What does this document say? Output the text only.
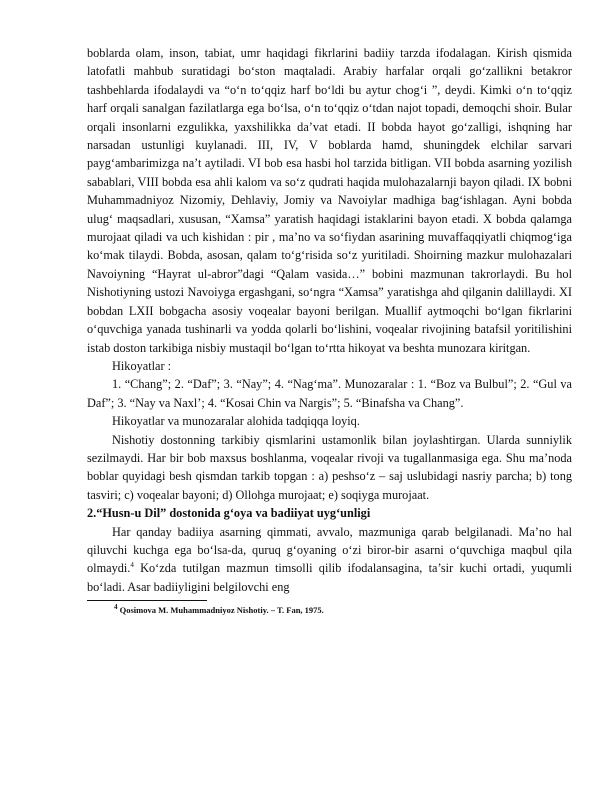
boblarda olam, inson, tabiat, umr haqidagi fikrlarini badiiy tarzda ifodalagan. Kirish qismida latofatli mahbub suratidagi bo‘ston maqtaladi. Arabiy harfalar orqali go‘zallikni betakror tashbehlarda ifodalaydi va “o‘n to‘qqiz harf bo‘ldi bu aytur chog‘i ”, deydi. Kimki o‘n to‘qqiz harf orqali sanalgan fazilatlarga ega bo‘lsa, o‘n to‘qqiz o‘tdan najot topadi, demoqchi shoir. Bular orqali insonlarni ezgulikka, yaxshilikka da’vat etadi. II bobda hayot go‘zalligi, ishqning har narsadan ustunligi kuylanadi. III, IV, V boblarda hamd, shuningdek elchilar sarvari payg‘ambarimizga na’t aytiladi. VI bob esa hasbi hol tarzida bitligan. VII bobda asarning yozilish sabablari, VIII bobda esa ahli kalom va so‘z qudrati haqida mulohazalarnji bayon qiladi. IX bobni Muhammadniyoz Nizomiy, Dehlaviy, Jomiy va Navoiylar madhiga bag‘ishlagan. Ayni bobda ulug‘ maqsadlari, xususan, “Xamsa” yaratish haqidagi istaklarini bayon etadi. X bobda qalamga murojaat qiladi va uch kishidan : pir , ma’no va so‘fiydan asarining muvaffaqqiyatli chiqmog‘iga ko‘mak tilaydi. Bobda, asosan, qalam to‘g‘risida so‘z yuritiladi. Shoirning mazkur mulohazalari Navoiyning “Hayrat ul-abror”dagi “Qalam vasida…” bobini mazmunan takrorlaydi. Bu hol Nishotiyning ustozi Navoiyga ergashgani, so‘ngra “Xamsa” yaratishga ahd qilganin dalillaydi. XI bobdan LXII bobgacha asosiy voqealar bayoni berilgan. Muallif aytmoqchi bo‘lgan fikrlarini o‘quvchiga yanada tushinarli va yodda qolarli bo‘lishini, voqealar rivojining batafsil yoritilishini istab doston tarkibiga nisbiy mustaqil bo‘lgan to‘rtta hikoyat va beshta munozara kiritgan.

Hikoyatlar :

1. “Chang”; 2. “Daf”; 3. “Nay”; 4. “Nag‘ma”. Munozaralar : 1. “Boz va Bulbul”; 2. “Gul va Daf”; 3. “Nay va Naxl’; 4. “Kosai Chin va Nargis”; 5. “Binafsha va Chang”.

Hikoyatlar va munozaralar alohida tadqiqqa loyiq.

Nishotiy dostonning tarkibiy qismlarini ustamonlik bilan joylashtirgan. Ularda sunniylik sezilmaydi. Har bir bob maxsus boshlanma, voqealar rivoji va tugallanmasiga ega. Shu ma’noda boblar quyidagi besh qismdan tarkib topgan : a) peshso‘z – saj uslubidagi nasriy parcha; b) tong tasviri; c) voqealar bayoni; d) Ollohga murojaat; e) soqiyga murojaat.

2.“Husn-u Dil” dostonida g‘oya va badiiyat uyg‘unligi

Har qanday badiiya asarning qimmati, avvalo, mazmuniga qarab belgilanadi. Ma’no hal qiluvchi kuchga ega bo‘lsa-da, quruq g‘oyaning o‘zi biror-bir asarni o‘quvchiga maqbul qila olmaydi.$^4$ Ko‘zda tutilgan mazmun timsolli qilib ifodalansagina, ta’sir kuchi ortadi, yuqumli bo‘ladi. Asar badiiyligini belgilovchi eng

$^4$ Qosimova M. Muhammadniyoz Nishotiy. – T. Fan, 1975.
